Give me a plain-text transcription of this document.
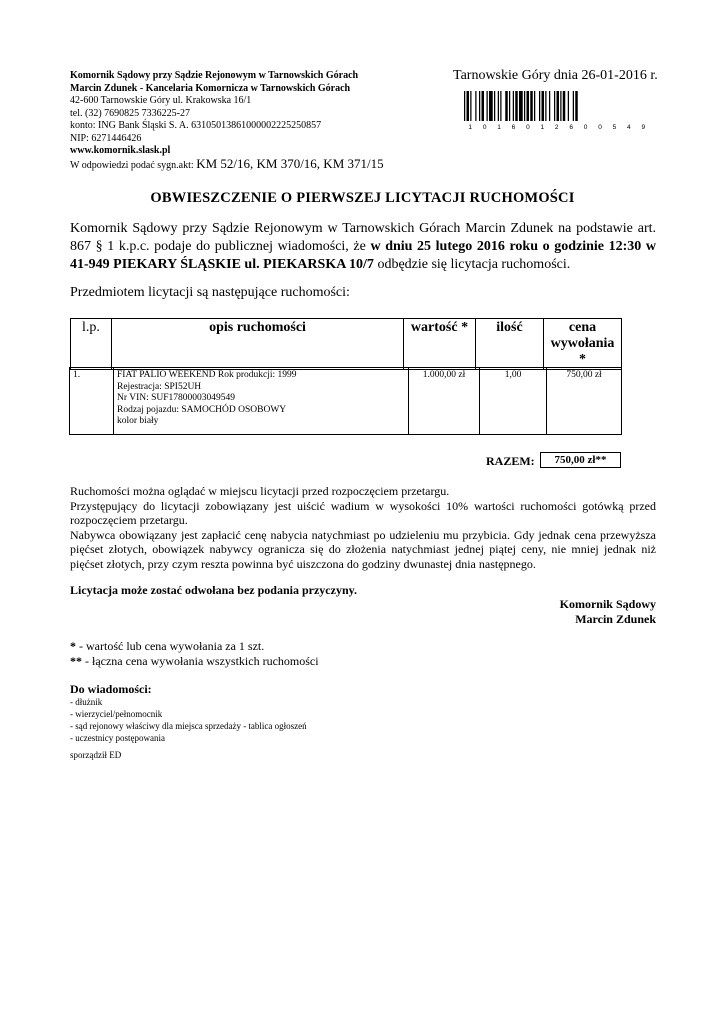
Komornik Sądowy przy Sądzie Rejonowym w Tarnowskich Górach
Marcin Zdunek - Kancelaria Komornicza w Tarnowskich Górach
42-600 Tarnowskie Góry ul. Krakowska 16/1
tel. (32) 7690825 7336225-27
konto: ING Bank Śląski S. A. 63105013861000002225250857
NIP: 6271446426
www.komornik.slask.pl
W odpowiedzi podać sygn.akt: KM 52/16, KM 370/16, KM 371/15
Tarnowskie Góry dnia 26-01-2016 r.
1 0 1 6 0 1 2 6 0 0 5 4 9
OBWIESZCZENIE O PIERWSZEJ LICYTACJI RUCHOMOŚCI
Komornik Sądowy przy Sądzie Rejonowym w Tarnowskich Górach Marcin Zdunek na podstawie art. 867 § 1 k.p.c. podaje do publicznej wiadomości, że w dniu 25 lutego 2016 roku o godzinie 12:30 w 41-949 PIEKARY ŚLĄSKIE ul. PIEKARSKA 10/7 odbędzie się licytacja ruchomości.
Przedmiotem licytacji są następujące ruchomości:
l.p.	opis ruchomości	wartość *	ilość	cena
wywołania *
1.	FIAT PALIO WEEKEND Rok produkcji: 1999
Rejestracja: SPI52UH
Nr VIN: SUF17800003049549
Rodzaj pojazdu: SAMOCHÓD OSOBOWY
kolor biały
	1.000,00 zł	1,00	750,00 zł
RAZEM:	750,00 zł**

Ruchomości można oglądać w miejscu licytacji przed rozpoczęciem przetargu.

Przystępujący do licytacji zobowiązany jest uiścić wadium w wysokości 10% wartości ruchomości gotówką przed rozpoczęciem przetargu.

Nabywca obowiązany jest zapłacić cenę nabycia natychmiast po udzieleniu mu przybicia. Gdy jednak cena przewyższa pięćset złotych, obowiązek nabywcy ogranicza się do złożenia natychmiast jednej piątej ceny, nie mniej jednak niż pięćset złotych, przy czym reszta powinna być uiszczona do godziny dwunastej dnia następnego.

Licytacja może zostać odwołana bez podania przyczyny.
Komornik Sądowy
Marcin Zdunek
* - wartość lub cena wywołania za 1 szt.
** - łączna cena wywołania wszystkich ruchomości
Do wiadomości:
- dłużnik
- wierzyciel/pełnomocnik
- sąd rejonowy właściwy dla miejsca sprzedaży - tablica ogłoszeń
- uczestnicy postępowania
sporządził ED
